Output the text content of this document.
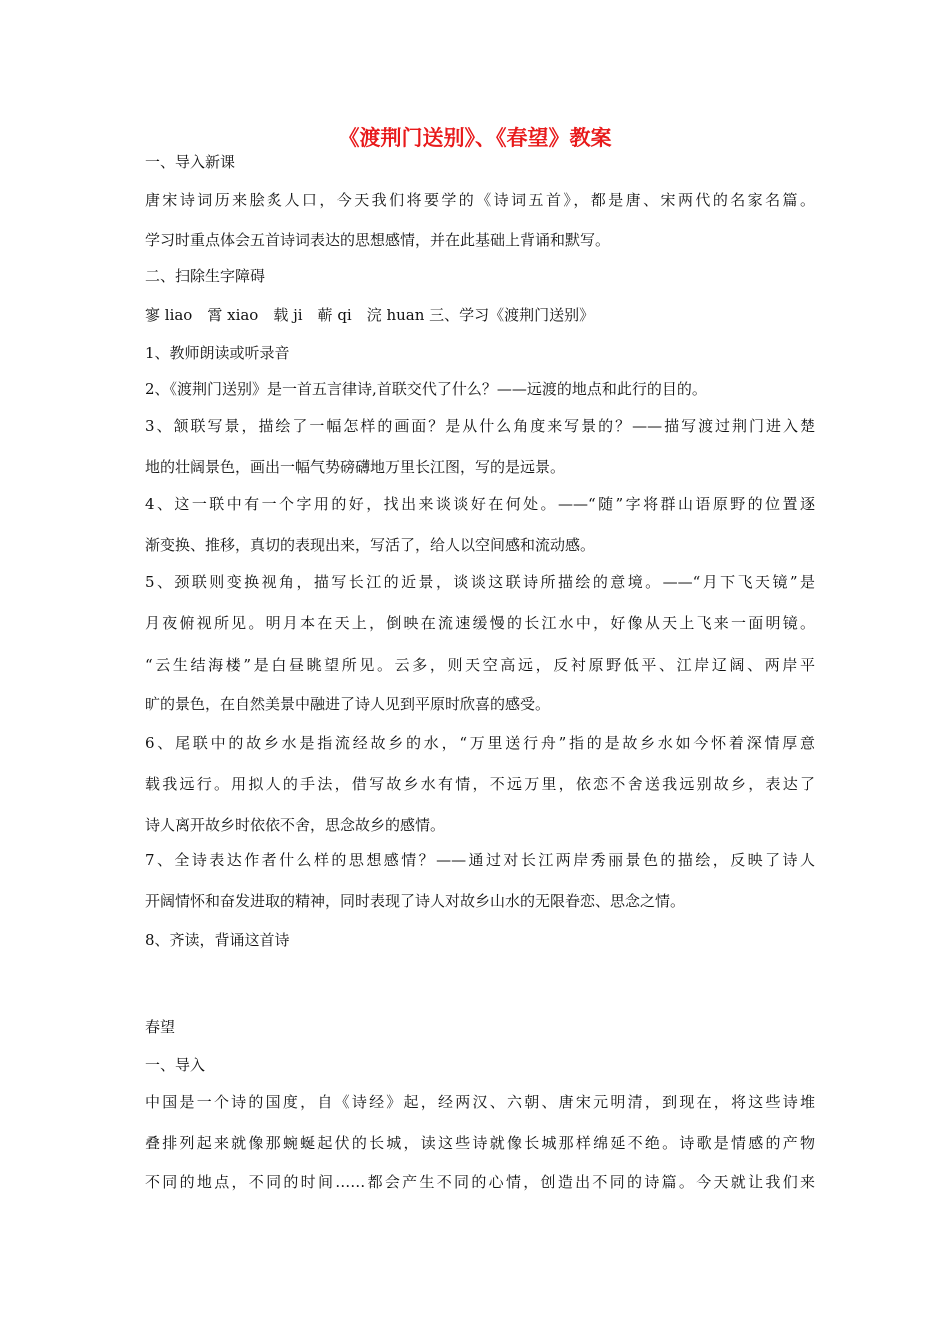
《渡荆门送别》、《春望》教案
一、导入新课
唐宋诗词历来脍炙人口，今天我们将要学的《诗词五首》，都是唐、宋两代的名家名篇。
学习时重点体会五首诗词表达的思想感情，并在此基础上背诵和默写。
二、扫除生字障碍
寥 liao　霄 xiao　载 ji　蕲 qi　浣 huan 三、学习《渡荆门送别》
1、教师朗读或听录音
2、《渡荆门送别》是一首五言律诗,首联交代了什么？——远渡的地点和此行的目的。
3、颔联写景，描绘了一幅怎样的画面？是从什么角度来写景的？——描写渡过荆门进入楚
地的壮阔景色，画出一幅气势磅礴地万里长江图，写的是远景。
4、这一联中有一个字用的好，找出来谈谈好在何处。——“随”字将群山语原野的位置逐
渐变换、推移，真切的表现出来，写活了，给人以空间感和流动感。
5、颈联则变换视角，描写长江的近景，谈谈这联诗所描绘的意境。——“月下飞天镜”是
月夜俯视所见。明月本在天上，倒映在流速缓慢的长江水中，好像从天上飞来一面明镜。
“云生结海楼”是白昼眺望所见。云多，则天空高远，反衬原野低平、江岸辽阔、两岸平
旷的景色，在自然美景中融进了诗人见到平原时欣喜的感受。
6、尾联中的故乡水是指流经故乡的水，“万里送行舟”指的是故乡水如今怀着深情厚意
载我远行。用拟人的手法，借写故乡水有情，不远万里，依恋不舍送我远别故乡，表达了
诗人离开故乡时依依不舍，思念故乡的感情。
7、全诗表达作者什么样的思想感情？——通过对长江两岸秀丽景色的描绘，反映了诗人
开阔情怀和奋发进取的精神，同时表现了诗人对故乡山水的无限眷恋、思念之情。
8、齐读，背诵这首诗
春望
一、导入
中国是一个诗的国度，自《诗经》起，经两汉、六朝、唐宋元明清，到现在，将这些诗堆
叠排列起来就像那蜿蜒起伏的长城，读这些诗就像长城那样绵延不绝。诗歌是情感的产物
不同的地点，不同的时间……都会产生不同的心情，创造出不同的诗篇。今天就让我们来
